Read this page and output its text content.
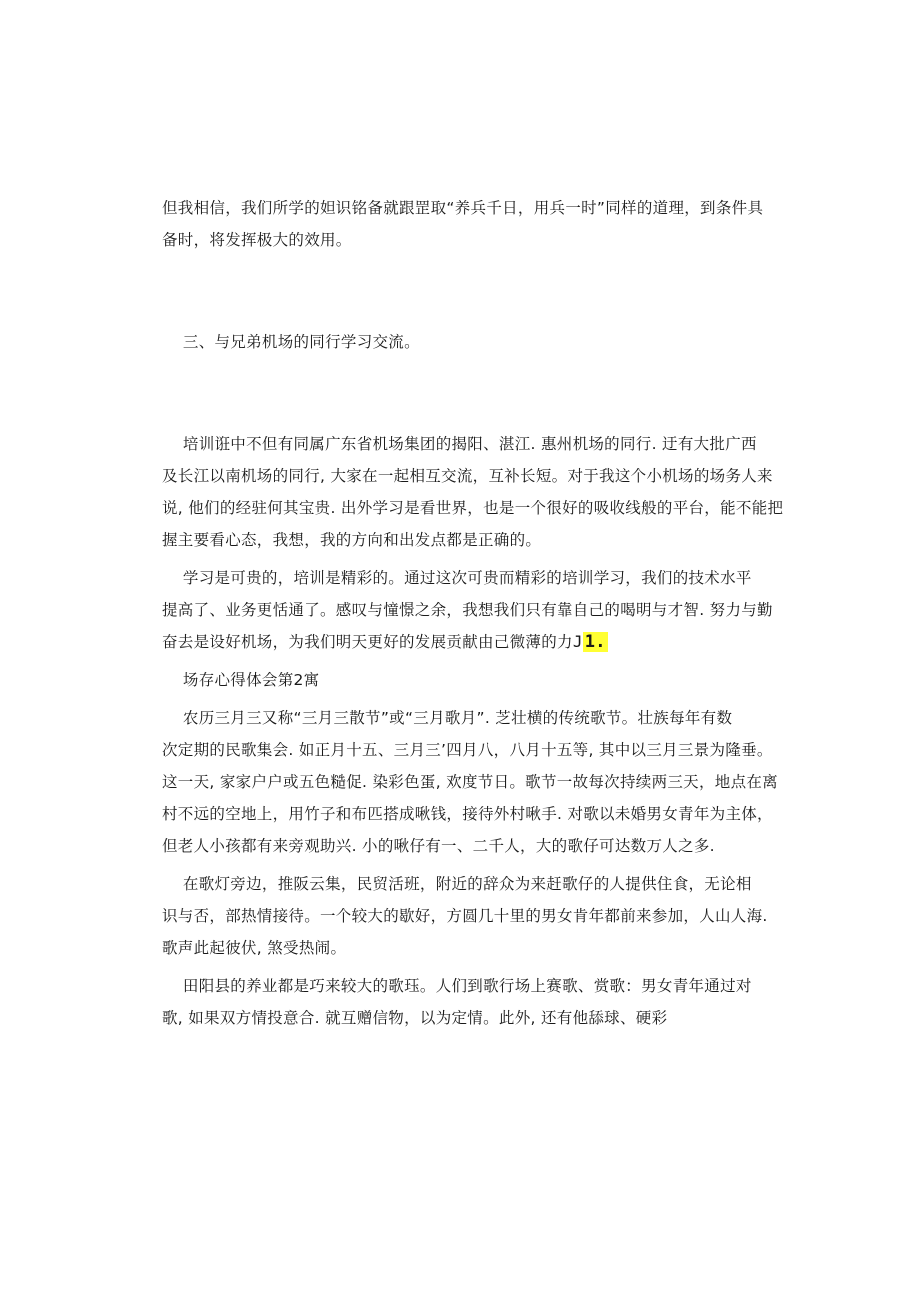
但我相信，我们所学的妲识铭备就跟罡取“养兵千日，用兵一时”同样的道理，到条件具
备时，将发挥极大的效用。

三、与兄弟机场的同行学习交流。

培训诳中不但有同属广东省机场集团的揭阳、湛江. 惠州机场的同行. 迂有大批广西
及长江以南机场的同行, 大家在一起相互交流，互补长短。对于我这个小机场的场务人来
说, 他们的经驻何其宝贵. 出外学习是看世界，也是一个很好的吸收线般的平台，能不能把
握主要看心态，我想，我的方向和出发点都是正确的。

学习是可贵的，培训是精彩的。通过这次可贵而精彩的培训学习，我们的技术水平
提高了、业务更恬通了。感叹与憧憬之余，我想我们只有靠自己的喝明与才智. 努力与勤
奋去是设好机场，为我们明天更好的发展贡献由己微薄的力J 1.

场存心得体会第2寓

农历三月三又称“三月三散节”或“三月歌月”. 芝壮横的传统歌节。壮族每年有数
次定期的民歌集会. 如正月十五、三月三’四月八，八月十五等, 其中以三月三景为隆垂。
这一天, 家家户户或五色糙促. 染彩色蛋, 欢度节日。歌节一故每次持续两三天，地点在离
村不远的空地上，用竹子和布匹搭成啾钱，接待外村啾手. 对歌以未婚男女青年为主体，
但老人小孩都有来旁观助兴. 小的啾仔有一、二千人，大的歌仔可达数万人之多.

在歌灯旁边，推阪云集，民贸活班，附近的辞众为来赶歌仔的人提供住食，无论相
识与否，部热情接待。一个较大的歇好，方圆几十里的男女肯年都前来参加，人山人海.
歌声此起彼伏, 煞受热闹。

田阳县的养业都是巧来较大的歌珏。人们到歌行场上赛歌、赏歌：男女青年通过对
歌, 如果双方情投意合. 就互赠信物，以为定情。此外, 还有他舔球、硬彩
